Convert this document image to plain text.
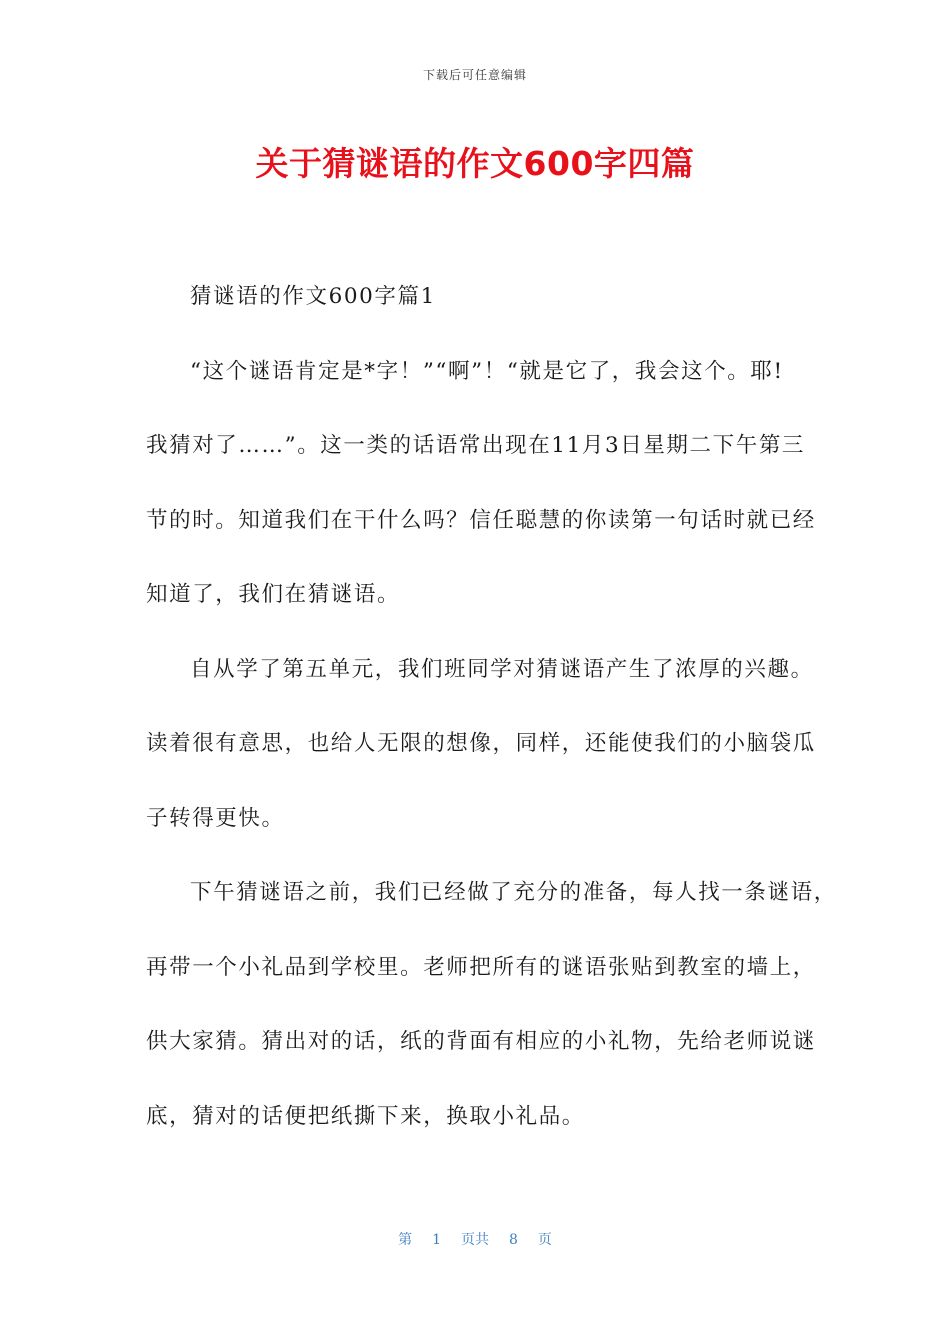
下载后可任意编辑
关于猜谜语的作文600字四篇
猜谜语的作文600字篇1
“这个谜语肯定是*字！”“啊”！“就是它了，我会这个。耶!
我猜对了……”。这一类的话语常出现在11月3日星期二下午第三
节的时。知道我们在干什么吗？信任聪慧的你读第一句话时就已经
知道了，我们在猜谜语。
自从学了第五单元，我们班同学对猜谜语产生了浓厚的兴趣。
读着很有意思，也给人无限的想像，同样，还能使我们的小脑袋瓜
子转得更快。
下午猜谜语之前，我们已经做了充分的准备，每人找一条谜语，
再带一个小礼品到学校里。老师把所有的谜语张贴到教室的墙上，
供大家猜。猜出对的话，纸的背面有相应的小礼物，先给老师说谜
底，猜对的话便把纸撕下来，换取小礼品。
第 1 页共 8 页
